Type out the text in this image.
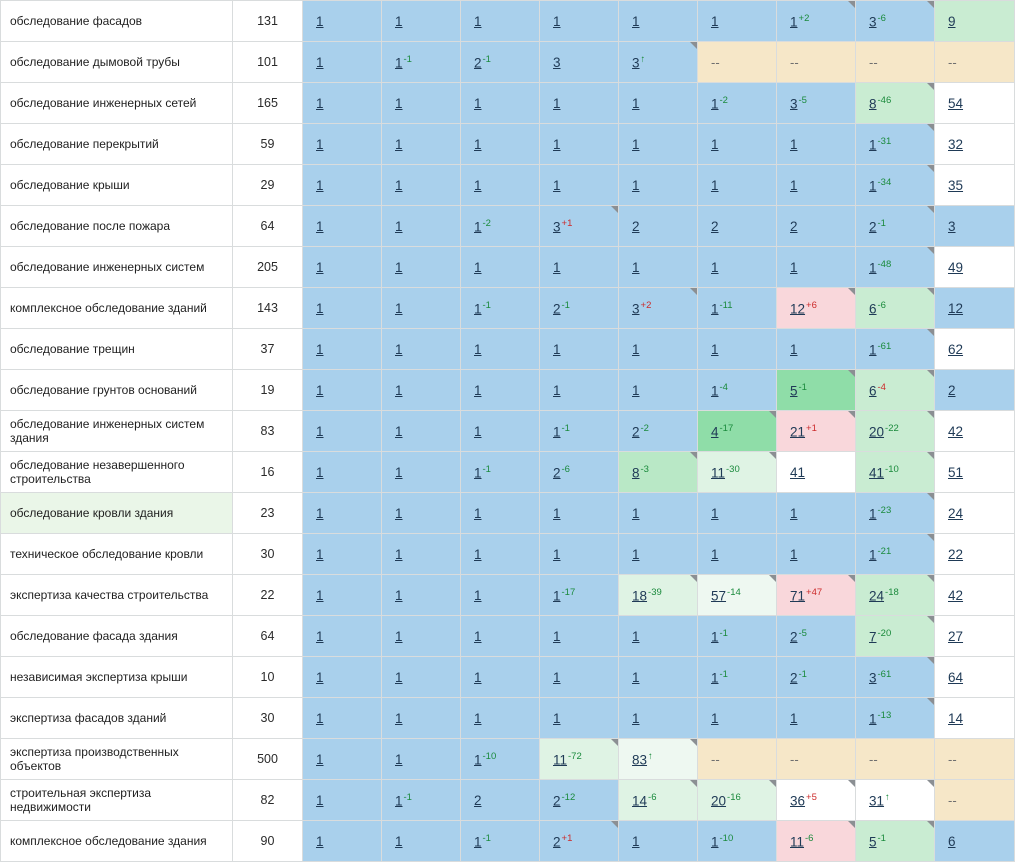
обследование фасадов	131	1	1	1	1	1	1	$1^{+2}$	$3^{-6}$	9
обследование дымовой трубы	101	1	$1^{-1}$	$2^{-1}$	3	3↑	--	--	--	--
обследование инженерных сетей	165	1	1	1	1	1	$1^{-2}$	$3^{-5}$	$8^{-46}$	54
обследование перекрытий	59	1	1	1	1	1	1	1	$1^{-31}$	32
обследование крыши	29	1	1	1	1	1	1	1	$1^{-34}$	35
обследование после пожара	64	1	1	$1^{-2}$	$3^{+1}$	2	2	2	$2^{-1}$	3
обследование инженерных систем	205	1	1	1	1	1	1	1	$1^{-48}$	49
комплексное обследование зданий	143	1	1	$1^{-1}$	$2^{-1}$	$3^{+2}$	$1^{-11}$	$12^{+6}$	$6^{-6}$	12
обследование трещин	37	1	1	1	1	1	1	1	$1^{-61}$	62
обследование грунтов оснований	19	1	1	1	1	1	$1^{-4}$	$5^{-1}$	$6^{-4}$	2
обследование инженерных систем здания	83	1	1	1	$1^{-1}$	$2^{-2}$	$4^{-17}$	$21^{+1}$	$20^{-22}$	42
обследование незавершенного строительства	16	1	1	$1^{-1}$	$2^{-6}$	$8^{-3}$	$11^{-30}$	41	$41^{-10}$	51
обследование кровли здания	23	1	1	1	1	1	1	1	$1^{-23}$	24
техническое обследование кровли	30	1	1	1	1	1	1	1	$1^{-21}$	22
экспертиза качества строительства	22	1	1	1	$1^{-17}$	$18^{-39}$	$57^{-14}$	$71^{+47}$	$24^{-18}$	42
обследование фасада здания	64	1	1	1	1	1	$1^{-1}$	$2^{-5}$	$7^{-20}$	27
независимая экспертиза крыши	10	1	1	1	1	1	$1^{-1}$	$2^{-1}$	$3^{-61}$	64
экспертиза фасадов зданий	30	1	1	1	1	1	1	1	$1^{-13}$	14
экспертиза производственных объектов	500	1	1	$1^{-10}$	$11^{-72}$	83↑	--	--	--	--
строительная экспертиза недвижимости	82	1	$1^{-1}$	2	$2^{-12}$	$14^{-6}$	$20^{-16}$	$36^{+5}$	31↑	--
комплексное обследование здания	90	1	1	$1^{-1}$	$2^{+1}$	1	$1^{-10}$	$11^{-6}$	$5^{-1}$	6
